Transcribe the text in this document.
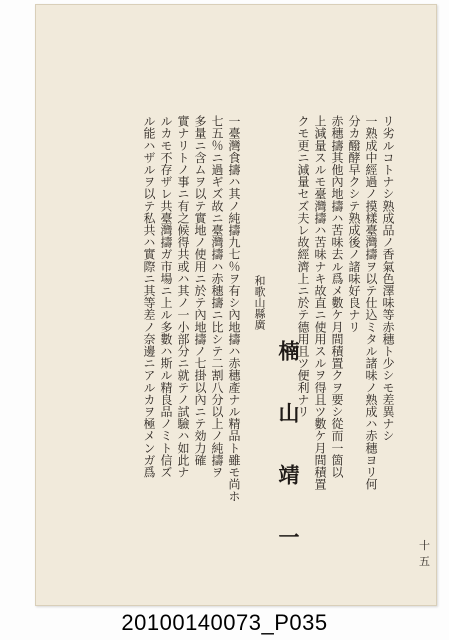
リ劣ルコトナシ熟成品ノ香氣色澤味等赤穗ト少シモ差異ナシ
一熟成中經過ノ摸樣臺灣擣ヲ以テ仕込ミタル諸味ノ熟成ハ赤穗ヨリ何
分カ醱酵早クシテ熟成後ノ諸味好良ナリ
赤穗擣其他內地擣ハ苦味去ル爲メ數ケ月間積置クヲ要シ從而一箇以
上減量スルモ臺灣擣ハ苦味ナキ故直ニ使用スルヲ得且ツ數ケ月間積置
クモ更ニ減量セズ夫レ故經濟上ニ於テ德用且ツ便利ナリ
一臺灣食擣ハ其ノ純擣九七％ヲ有シ內地擣ハ赤穗產ナル精品ト雖モ尚ホ
七五％ニ過ギズ故ニ臺灣擣ハ赤穗擣ニ比シテ二割八分以上ノ純擣ヲ
多量ニ含ムヲ以テ實地ノ使用ニ於テ內地擣ノ七掛以內ニテ効力確
實ナリトノ事ニ有之候得共或ハ其ノ一小部分ニ就テノ試驗ハ如此ナ
ルカモ不存ザレ共臺灣擣ガ市場ニ上ル多數ハ斯ル精良品ノミト信ズ
ル能ハザルヲ以テ私共ハ實際ニ其等差ノ奈邊ニアルカヲ極メンガ爲	和歌山縣廣
楠　山　靖　一	十五
20100140073_P035
